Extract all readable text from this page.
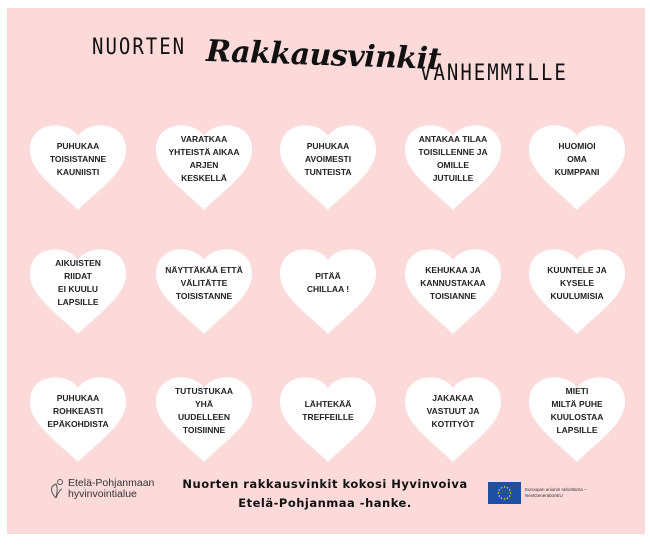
NUORTEN Rakkausvinkit
VANHEMMILLE
PUHUKAA
TOISISTANNE
KAUNIISTI
VARATKAA
YHTEISTÄ AIKAA
ARJEN
KESKELLÄ
PUHUKAA
AVOIMESTI
TUNTEISTA
ANTAKAA TILAA
TOISILLENNE JA
OMILLE
JUTUILLE
HUOMIOI
OMA
KUMPPANI
AIKUISTEN
RIIDAT
EI KUULU
LAPSILLE
NÄYTTÄKÄÄ ETTÄ
VÄLITÄTTE
TOISISTANNE
PITÄÄ
CHILLAA !
KEHUKAA JA
KANNUSTAKAA
TOISIANNE
KUUNTELE JA
KYSELE
KUULUMISIA
PUHUKAA
ROHKEASTI
EPÄKOHDISTA
TUTUSTUKAA
YHÄ
UUDELLEEN
TOISIINNE
LÄHTEKÄÄ
TREFFEILLE
JAKAKAA
VASTUUT JA
KOTITYÖT
MIETI
MILTÄ PUHE
KUULOSTAA
LAPSILLE
Etelä-Pohjanmaan
hyvinvointialue
Nuorten rakkausvinkit kokosi Hyvinvoiva
Etelä-Pohjanmaa -hanke.
Euroopan unionin rahoittama – NextGenerationEU
